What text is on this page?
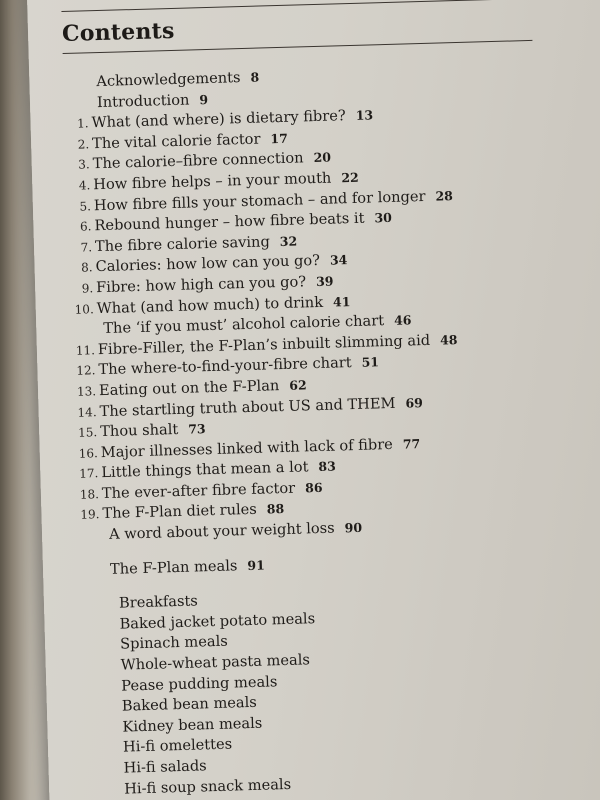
Contents
Acknowledgements 8
Introduction 9
1. What (and where) is dietary fibre? 13
2. The vital calorie factor 17
3. The calorie–fibre connection 20
4. How fibre helps – in your mouth 22
5. How fibre fills your stomach – and for longer 28
6. Rebound hunger – how fibre beats it 30
7. The fibre calorie saving 32
8. Calories: how low can you go? 34
9. Fibre: how high can you go? 39
10. What (and how much) to drink 41
The ‘if you must’ alcohol calorie chart 46
11. Fibre-Filler, the F-Plan’s inbuilt slimming aid 48
12. The where-to-find-your-fibre chart 51
13. Eating out on the F-Plan 62
14. The startling truth about US and THEM 69
15. Thou shalt 73
16. Major illnesses linked with lack of fibre 77
17. Little things that mean a lot 83
18. The ever-after fibre factor 86
19. The F-Plan diet rules 88
A word about your weight loss 90
The F-Plan meals 91
Breakfasts
Baked jacket potato meals
Spinach meals
Whole-wheat pasta meals
Pease pudding meals
Baked bean meals
Kidney bean meals
Hi-fi omelettes
Hi-fi salads
Hi-fi soup snack meals
